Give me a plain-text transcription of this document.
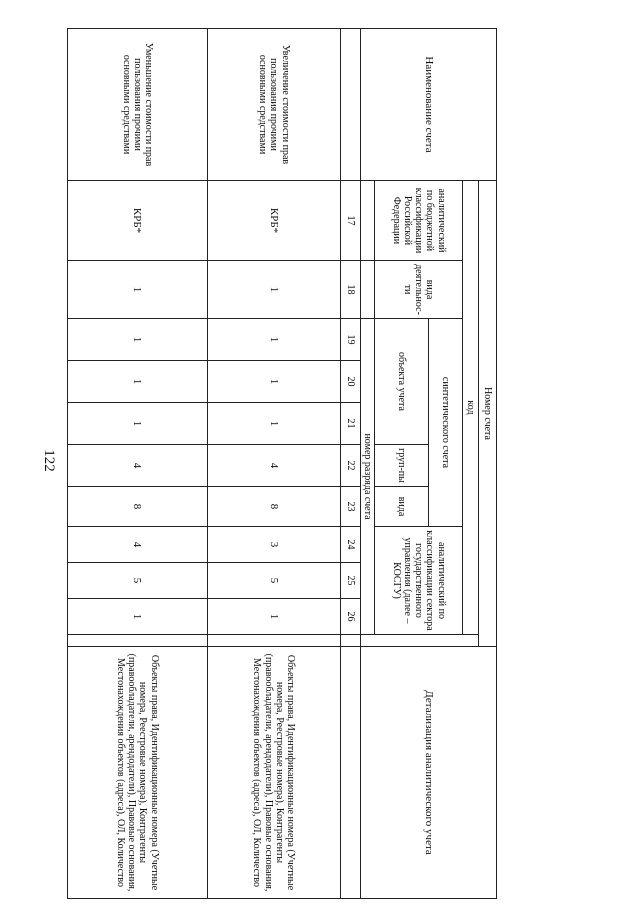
122
Наименование счета	Номер счета											Детализация аналитического учета
	код											
	аналитический по бюджетной классификации Российской Федерации	вида деятельнос-ти	синтетического счета					аналитический по классификации сектора государственного управления (далее – КОСГУ)				
			объекта учета			груп-пы	вида					
			номер разряда счета									
	17	18	19	20	21	22	23	24	25	26		
Увеличение стоимости прав пользования прочими основными средствами	КРБ*	1	1	1	1	4	8	3	5	1		Объекты права, Идентификационные номера (Учетные номера, Реестровые номера), Контрагенты (правообладатели, арендодатели), Правовые основания, Местонахождения объектов (адреса), ОЛ, Количество
Уменьшение стоимости прав пользования прочими основными средствами	КРБ*	1	1	1	1	4	8	4	5	1		Объекты права, Идентификационные номера (Учетные номера, Реестровые номера), Контрагенты (правообладатели, арендодатели), Правовые основания, Местонахождения объектов (адреса), ОЛ, Количество
